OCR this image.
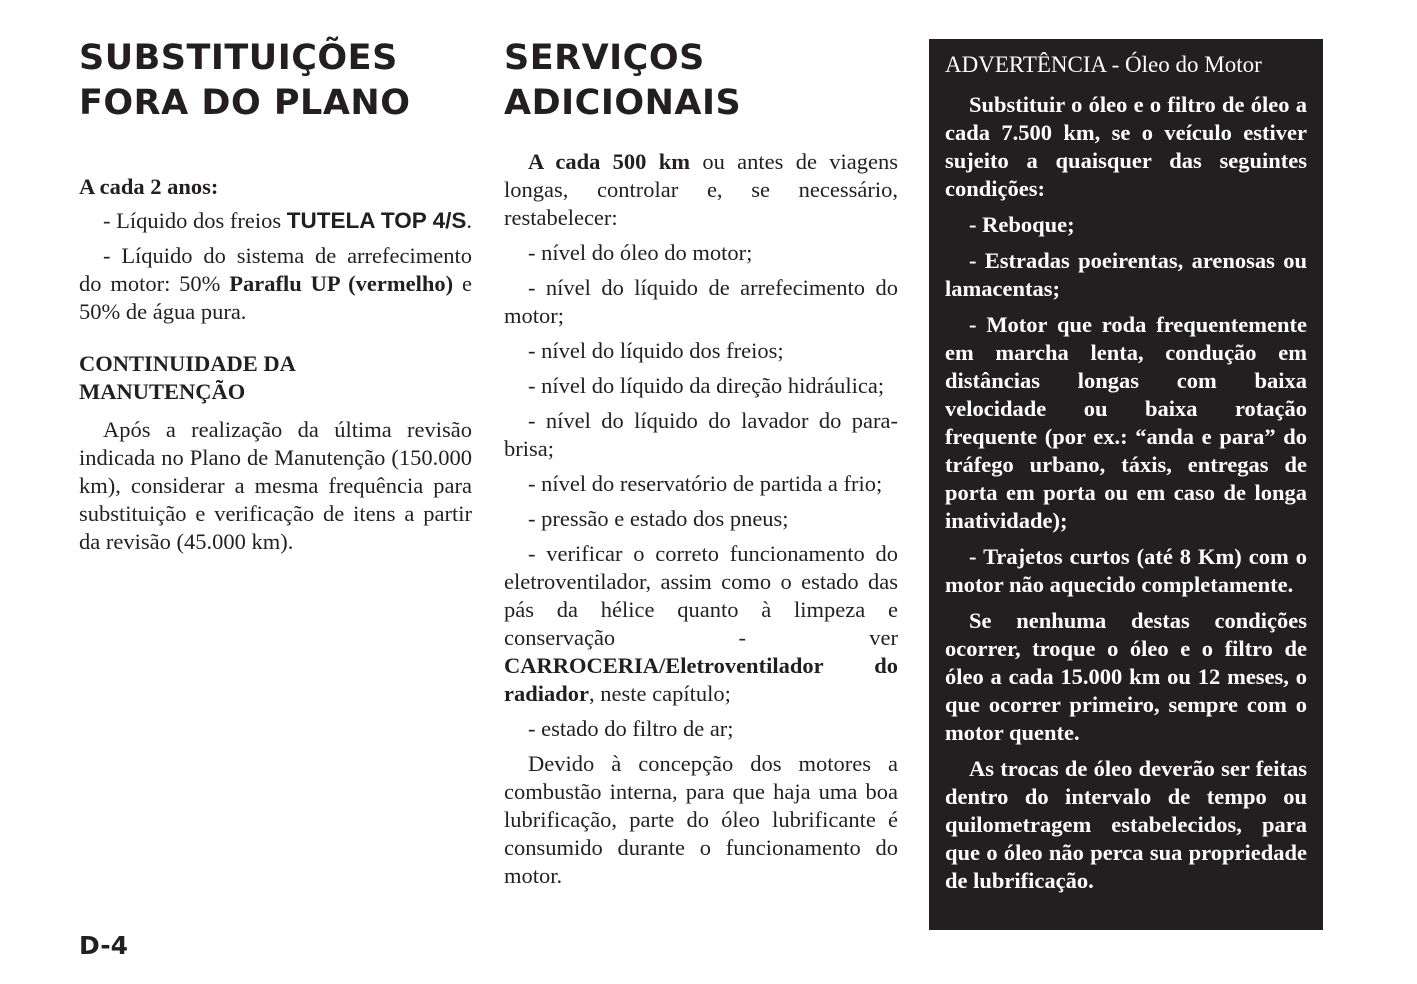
SUBSTITUIÇÕES
FORA DO PLANO
A cada 2 anos:

- Líquido dos freios TUTELA TOP 4/S.

- Líquido do sistema de arrefecimento do motor: 50% Paraflu UP (vermelho) e 50% de água pura.

CONTINUIDADE DA
MANUTENÇÃO

Após a realização da última revisão indicada no Plano de Manutenção (150.000 km), considerar a mesma frequência para substituição e verificação de itens a partir da revisão (45.000 km).

SERVIÇOS
ADICIONAIS

A cada 500 km ou antes de viagens longas, controlar e, se necessário, restabelecer:

- nível do óleo do motor;

- nível do líquido de arrefecimento do motor;

- nível do líquido dos freios;

- nível do líquido da direção hidráulica;

- nível do líquido do lavador do para-brisa;

- nível do reservatório de partida a frio;

- pressão e estado dos pneus;

- verificar o correto funcionamento do eletroventilador, assim como o estado das pás da hélice quanto à limpeza e conservação - ver CARROCERIA/Eletroventilador do radiador, neste capítulo;

- estado do filtro de ar;

Devido à concepção dos motores a combustão interna, para que haja uma boa lubrificação, parte do óleo lubrificante é consumido durante o funcionamento do motor.

ADVERTÊNCIA - Óleo do Motor

Substituir o óleo e o filtro de óleo a cada 7.500 km, se o veículo estiver sujeito a quaisquer das seguintes condições:

- Reboque;

- Estradas poeirentas, arenosas ou lamacentas;

- Motor que roda frequentemente em marcha lenta, condução em distâncias longas com baixa velocidade ou baixa rotação frequente (por ex.: “anda e para” do tráfego urbano, táxis, entregas de porta em porta ou em caso de longa inatividade);

- Trajetos curtos (até 8 Km) com o motor não aquecido completamente.

Se nenhuma destas condições ocorrer, troque o óleo e o filtro de óleo a cada 15.000 km ou 12 meses, o que ocorrer primeiro, sempre com o motor quente.

As trocas de óleo deverão ser feitas dentro do intervalo de tempo ou quilometragem estabelecidos, para que o óleo não perca sua propriedade de lubrificação.

D-4
